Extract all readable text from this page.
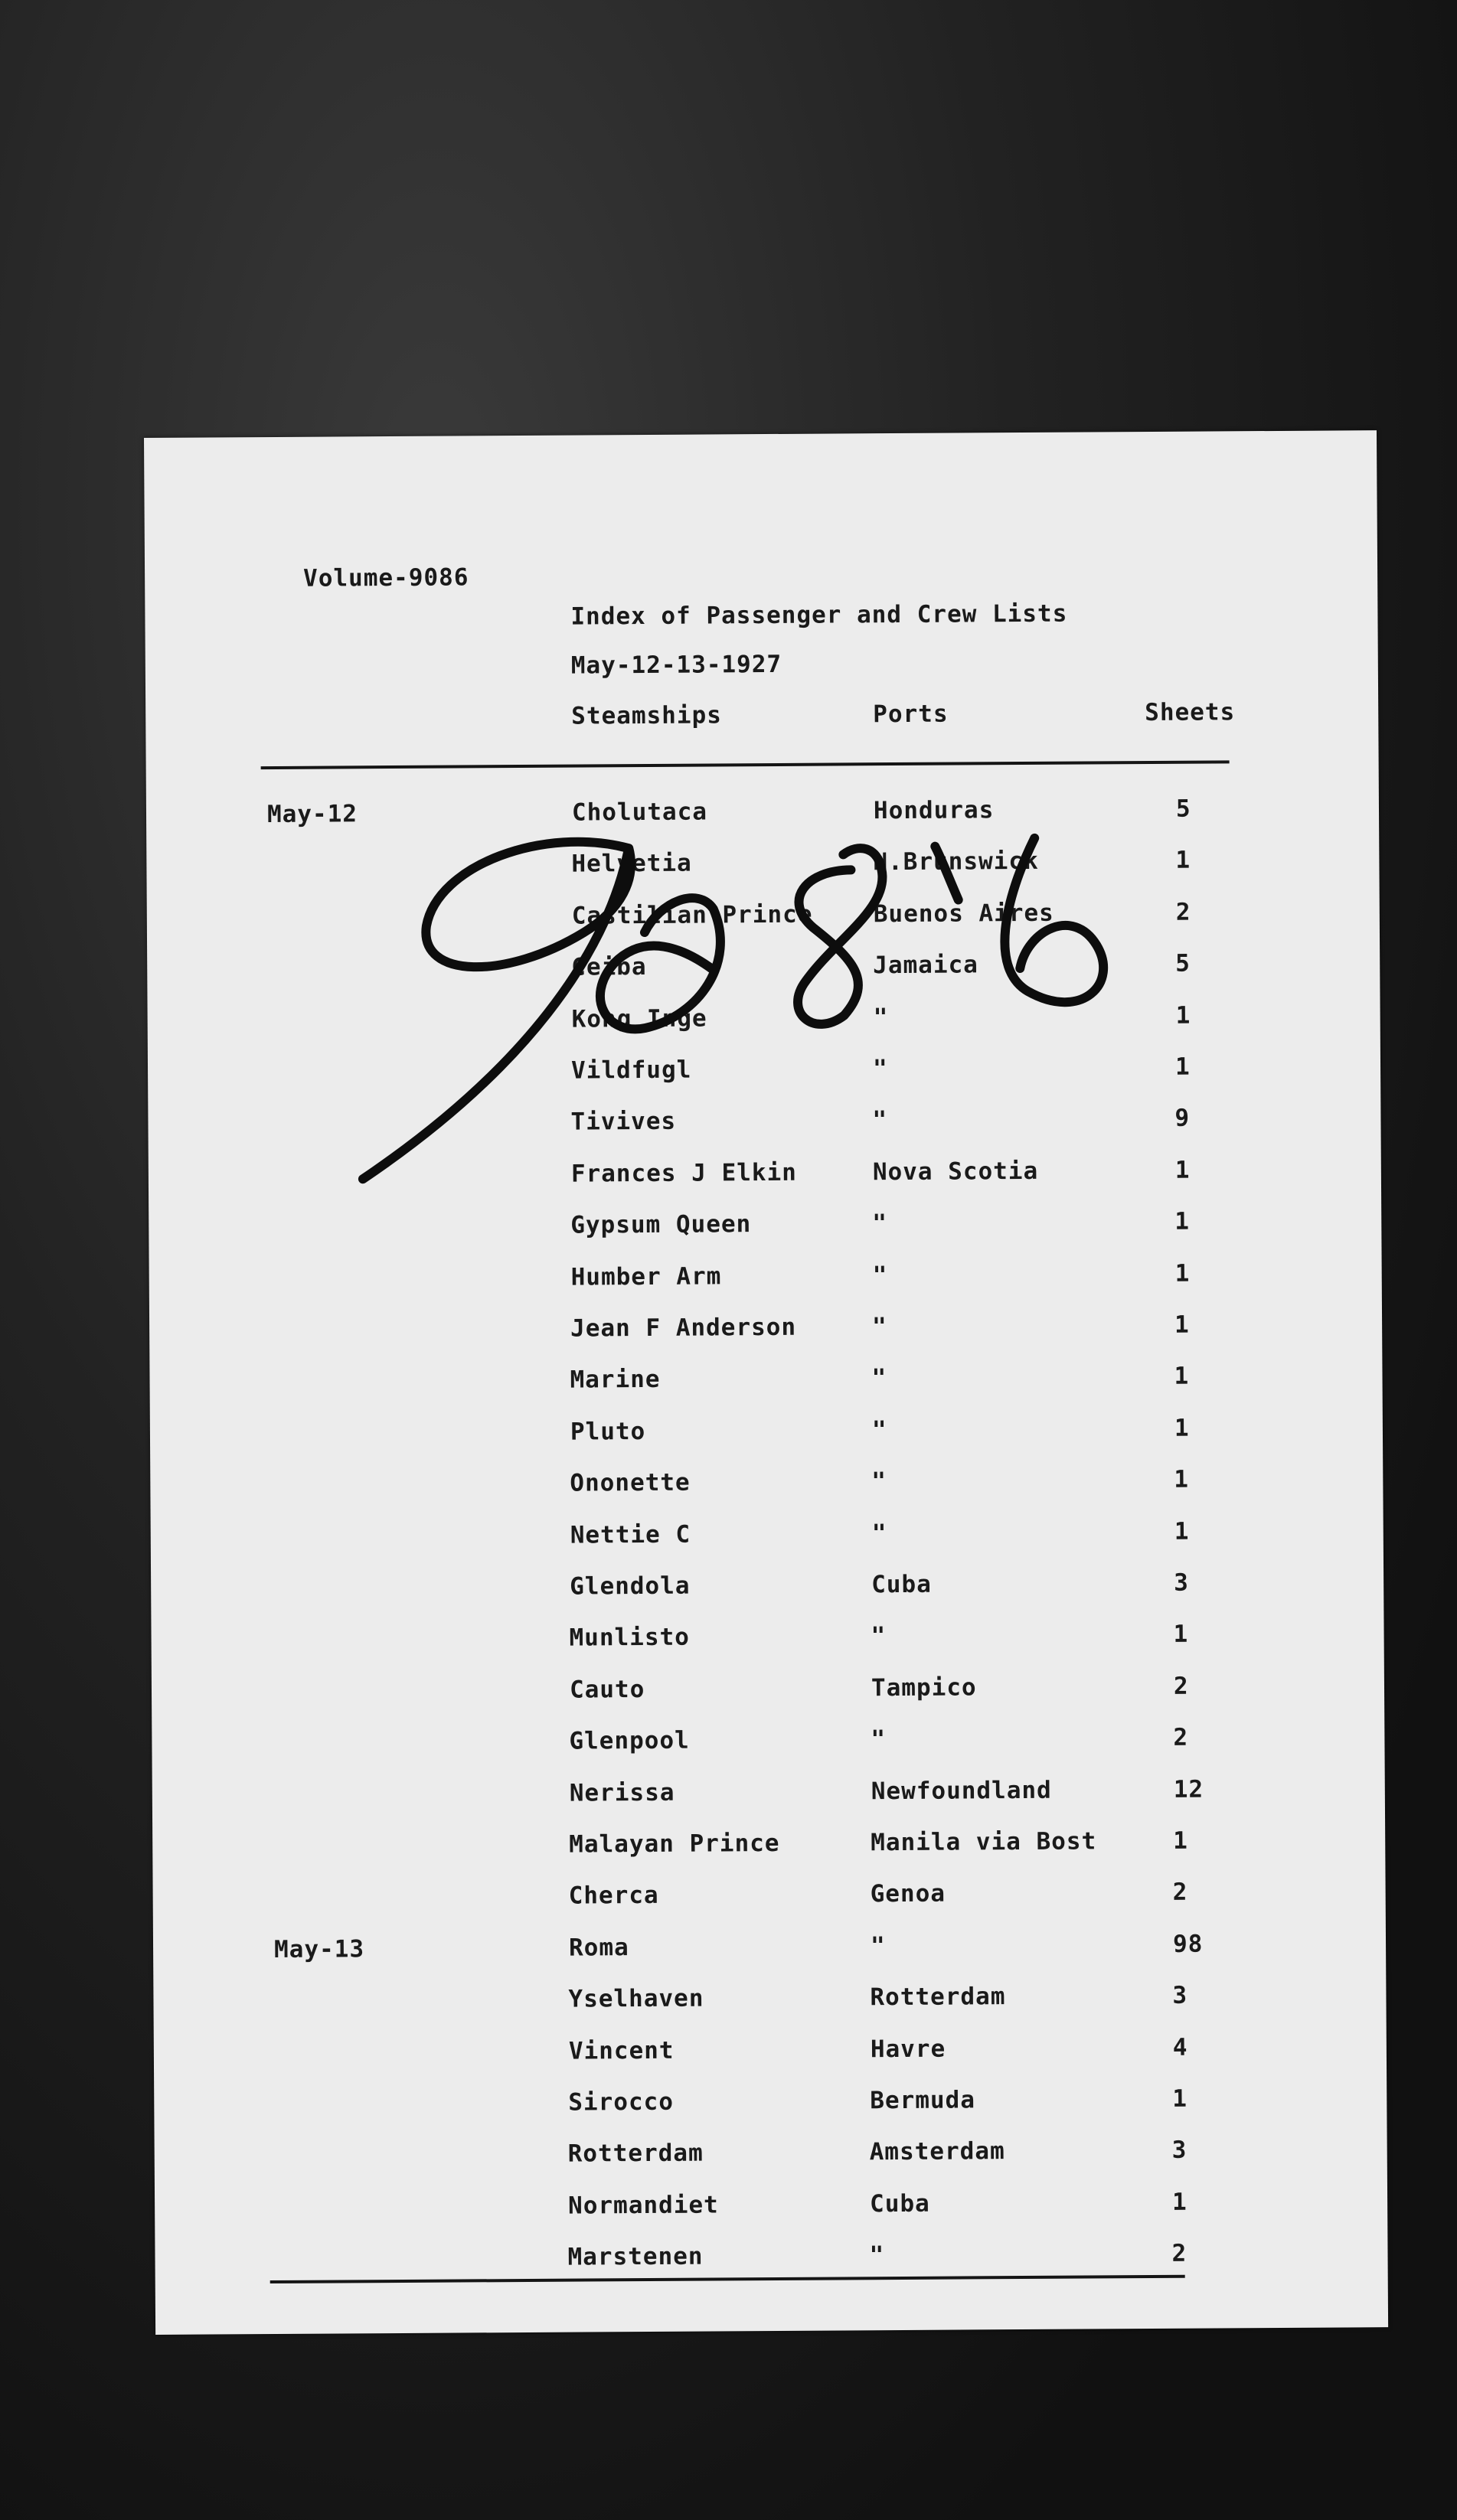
Volume-9086
Index of Passenger and Crew Lists
May-12-13-1927
Steamships	Ports	Sheets
May-12	Cholutaca	Honduras	5
Helvetia	N.Brunswick	1
Castilian Prince	Buenos Aires	2
Ceiba	Jamaica	5
Kong Inge	"	1
Vildfugl	"	1
Tivives	"	9
Frances J Elkin	Nova Scotia	1
Gypsum Queen	"	1
Humber Arm	"	1
Jean F Anderson	"	1
Marine	"	1
Pluto	"	1
Ononette	"	1
Nettie C	"	1
Glendola	Cuba	3
Munlisto	"	1
Cauto	Tampico	2
Glenpool	"	2
Nerissa	Newfoundland	12
Malayan Prince	Manila via Bost	1
Cherca	Genoa	2
May-13	Roma	"	98
Yselhaven	Rotterdam	3
Vincent	Havre	4
Sirocco	Bermuda	1
Rotterdam	Amsterdam	3
Normandiet	Cuba	1
Marstenen	"	2
